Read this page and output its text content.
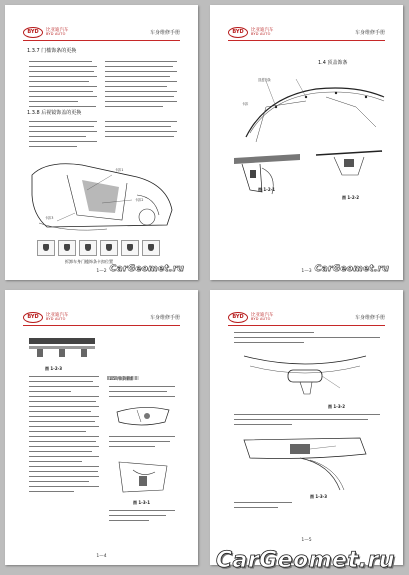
BYD	比亚迪汽车
BYD AUTO	车身维修手册
1.3.7 门槛饰条的更换
1.3.8 后视镜饰盖的更换
卡扣1
卡扣2
卡扣3
拆卸车身门槛饰条卡扣位置
1—2 CarGeomet.ru
BYD	比亚迪汽车
BYD AUTO	车身维修手册
1.4 顶盖饰条
顶盖饰条
卡扣
图 1-2-1
图 1-2-2
1—3 CarGeomet.ru
BYD	比亚迪汽车
BYD AUTO	车身维修手册
图 1-2-3
1.5 内后视镜
图 1-3-1
1—4
BYD	比亚迪汽车
BYD AUTO	车身维修手册
图 1-3-2
图 1-3-3
1—5
CarGeomet.ru
